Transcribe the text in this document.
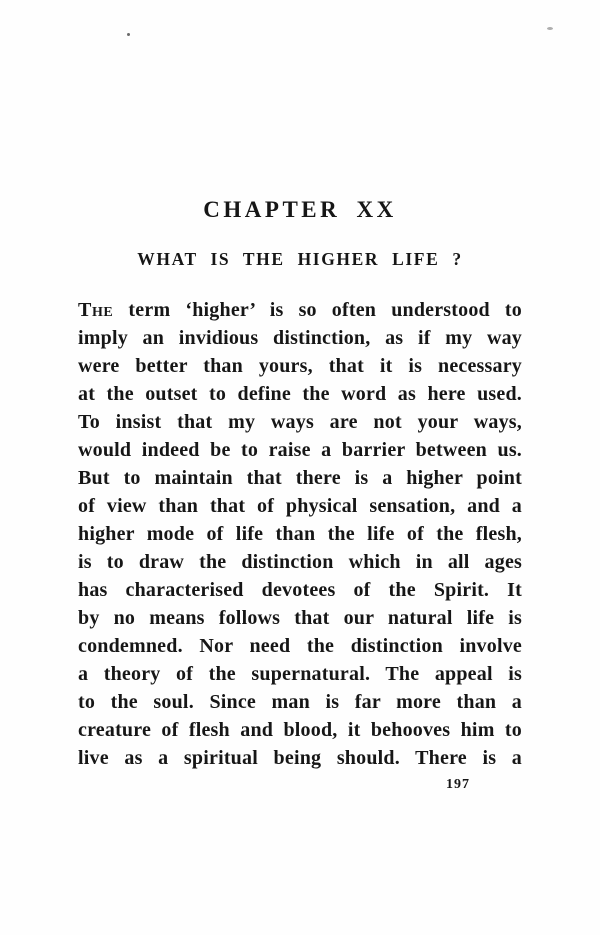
CHAPTER XX
WHAT IS THE HIGHER LIFE ?
The term ‘higher’ is so often understood to
imply an invidious distinction, as if my way
were better than yours, that it is necessary
at the outset to define the word as here used.
To insist that my ways are not your ways,
would indeed be to raise a barrier between us.
But to maintain that there is a higher point
of view than that of physical sensation, and a
higher mode of life than the life of the flesh,
is to draw the distinction which in all ages
has characterised devotees of the Spirit. It
by no means follows that our natural life is
condemned. Nor need the distinction involve
a theory of the supernatural. The appeal is
to the soul. Since man is far more than a
creature of flesh and blood, it behooves him to
live as a spiritual being should. There is a
197
